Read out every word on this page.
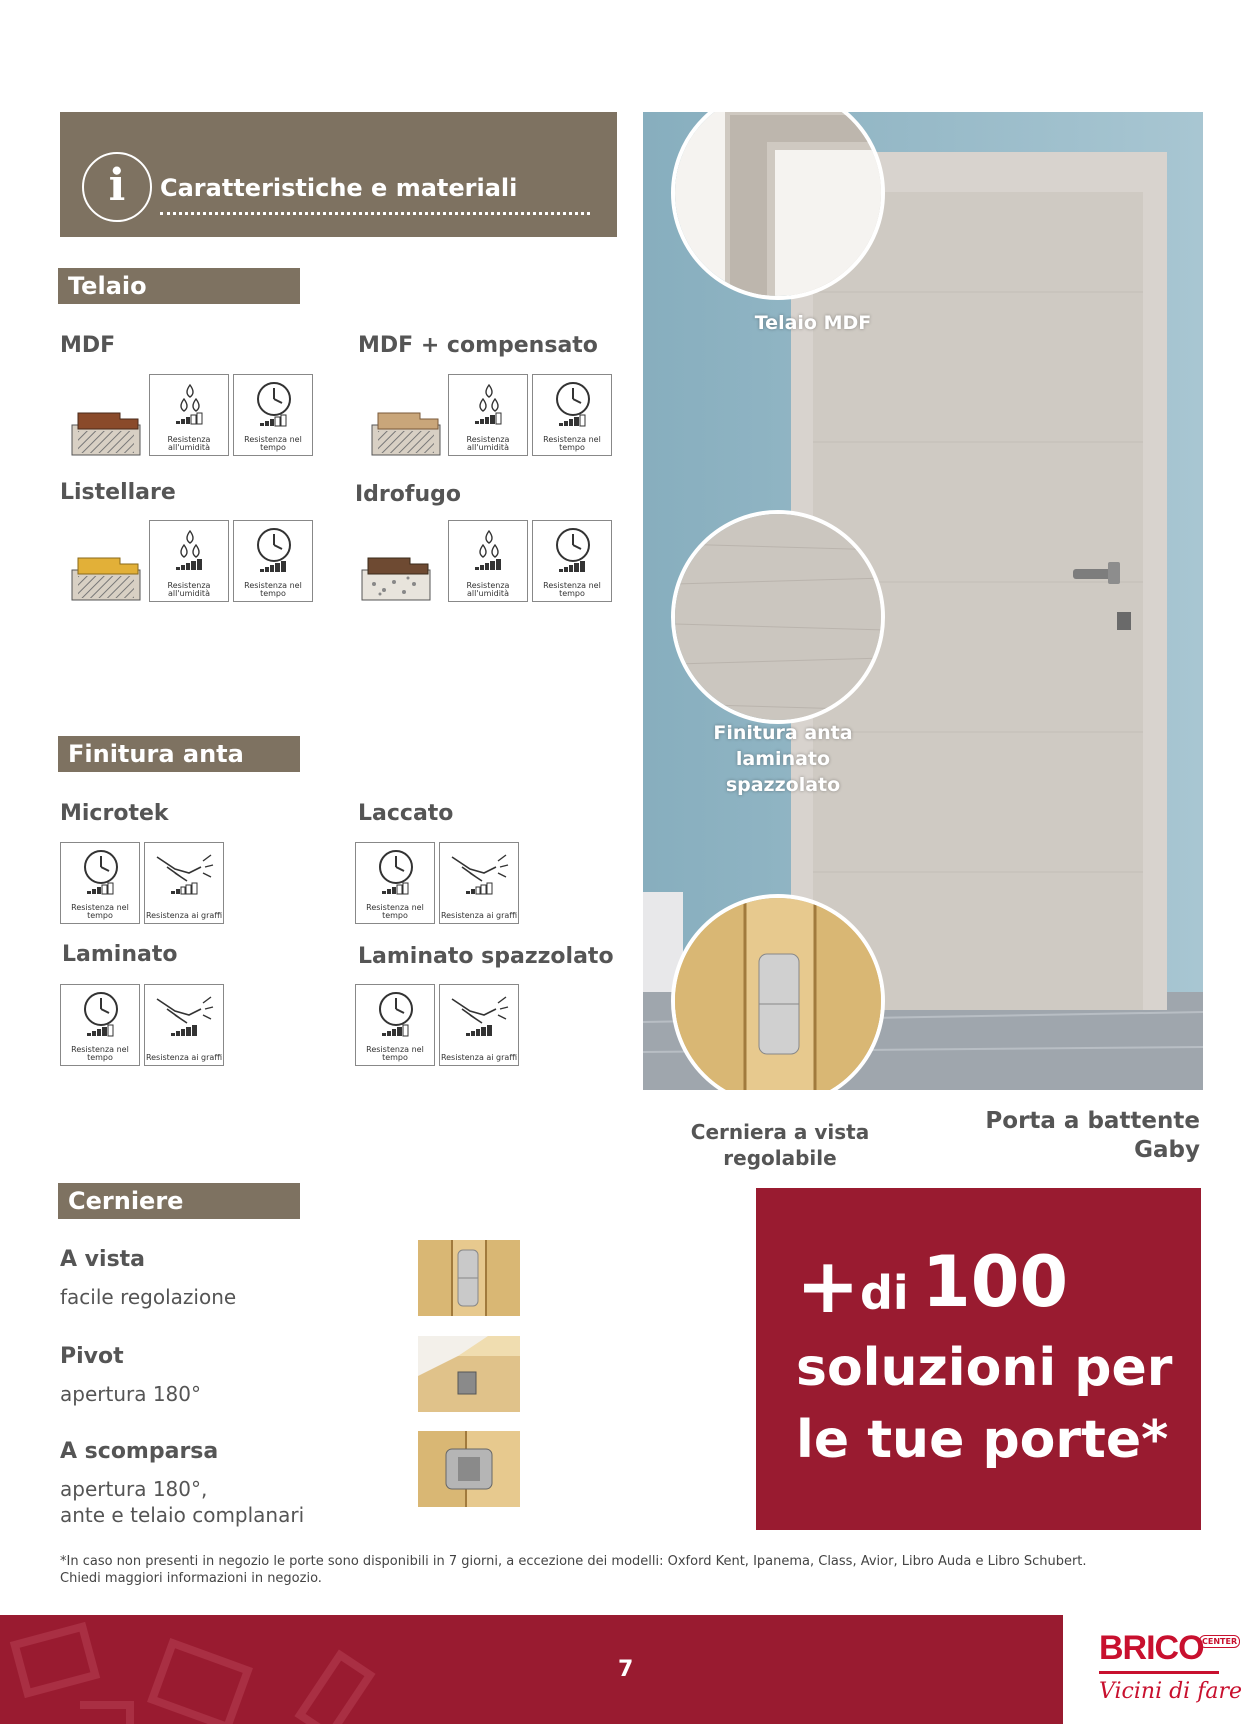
i	Caratteristiche e materiali
Telaio
MDF	MDF + compensato
Listellare	Idrofugo
Resistenza all'umidità
Resistenza nel tempo
Resistenza all'umidità
Resistenza nel tempo
Resistenza all'umidità
Resistenza nel tempo
Resistenza all'umidità
Resistenza nel tempo
Finitura anta
Microtek	Laccato
Laminato	Laminato spazzolato
Resistenza nel tempo	Resistenza ai graffi
Resistenza nel tempo	Resistenza ai graffi
Resistenza nel tempo	Resistenza ai graffi
Resistenza nel tempo	Resistenza ai graffi
Cerniere
A vista
facile regolazione
Pivot
apertura 180°
A scomparsa
apertura 180°,
ante e telaio complanari
Telaio MDF
Finitura anta
laminato
spazzolato
Cerniera a vista
regolabile
Porta a battente
Gaby
+ di 100
soluzioni per
le tue porte*
*In caso non presenti in negozio le porte sono disponibili in 7 giorni, a eccezione dei modelli: Oxford Kent, Ipanema, Class, Avior, Libro Auda e Libro Schubert.
Chiedi maggiori informazioni in negozio.
7
BRICO
CENTER
Vicini di fare
